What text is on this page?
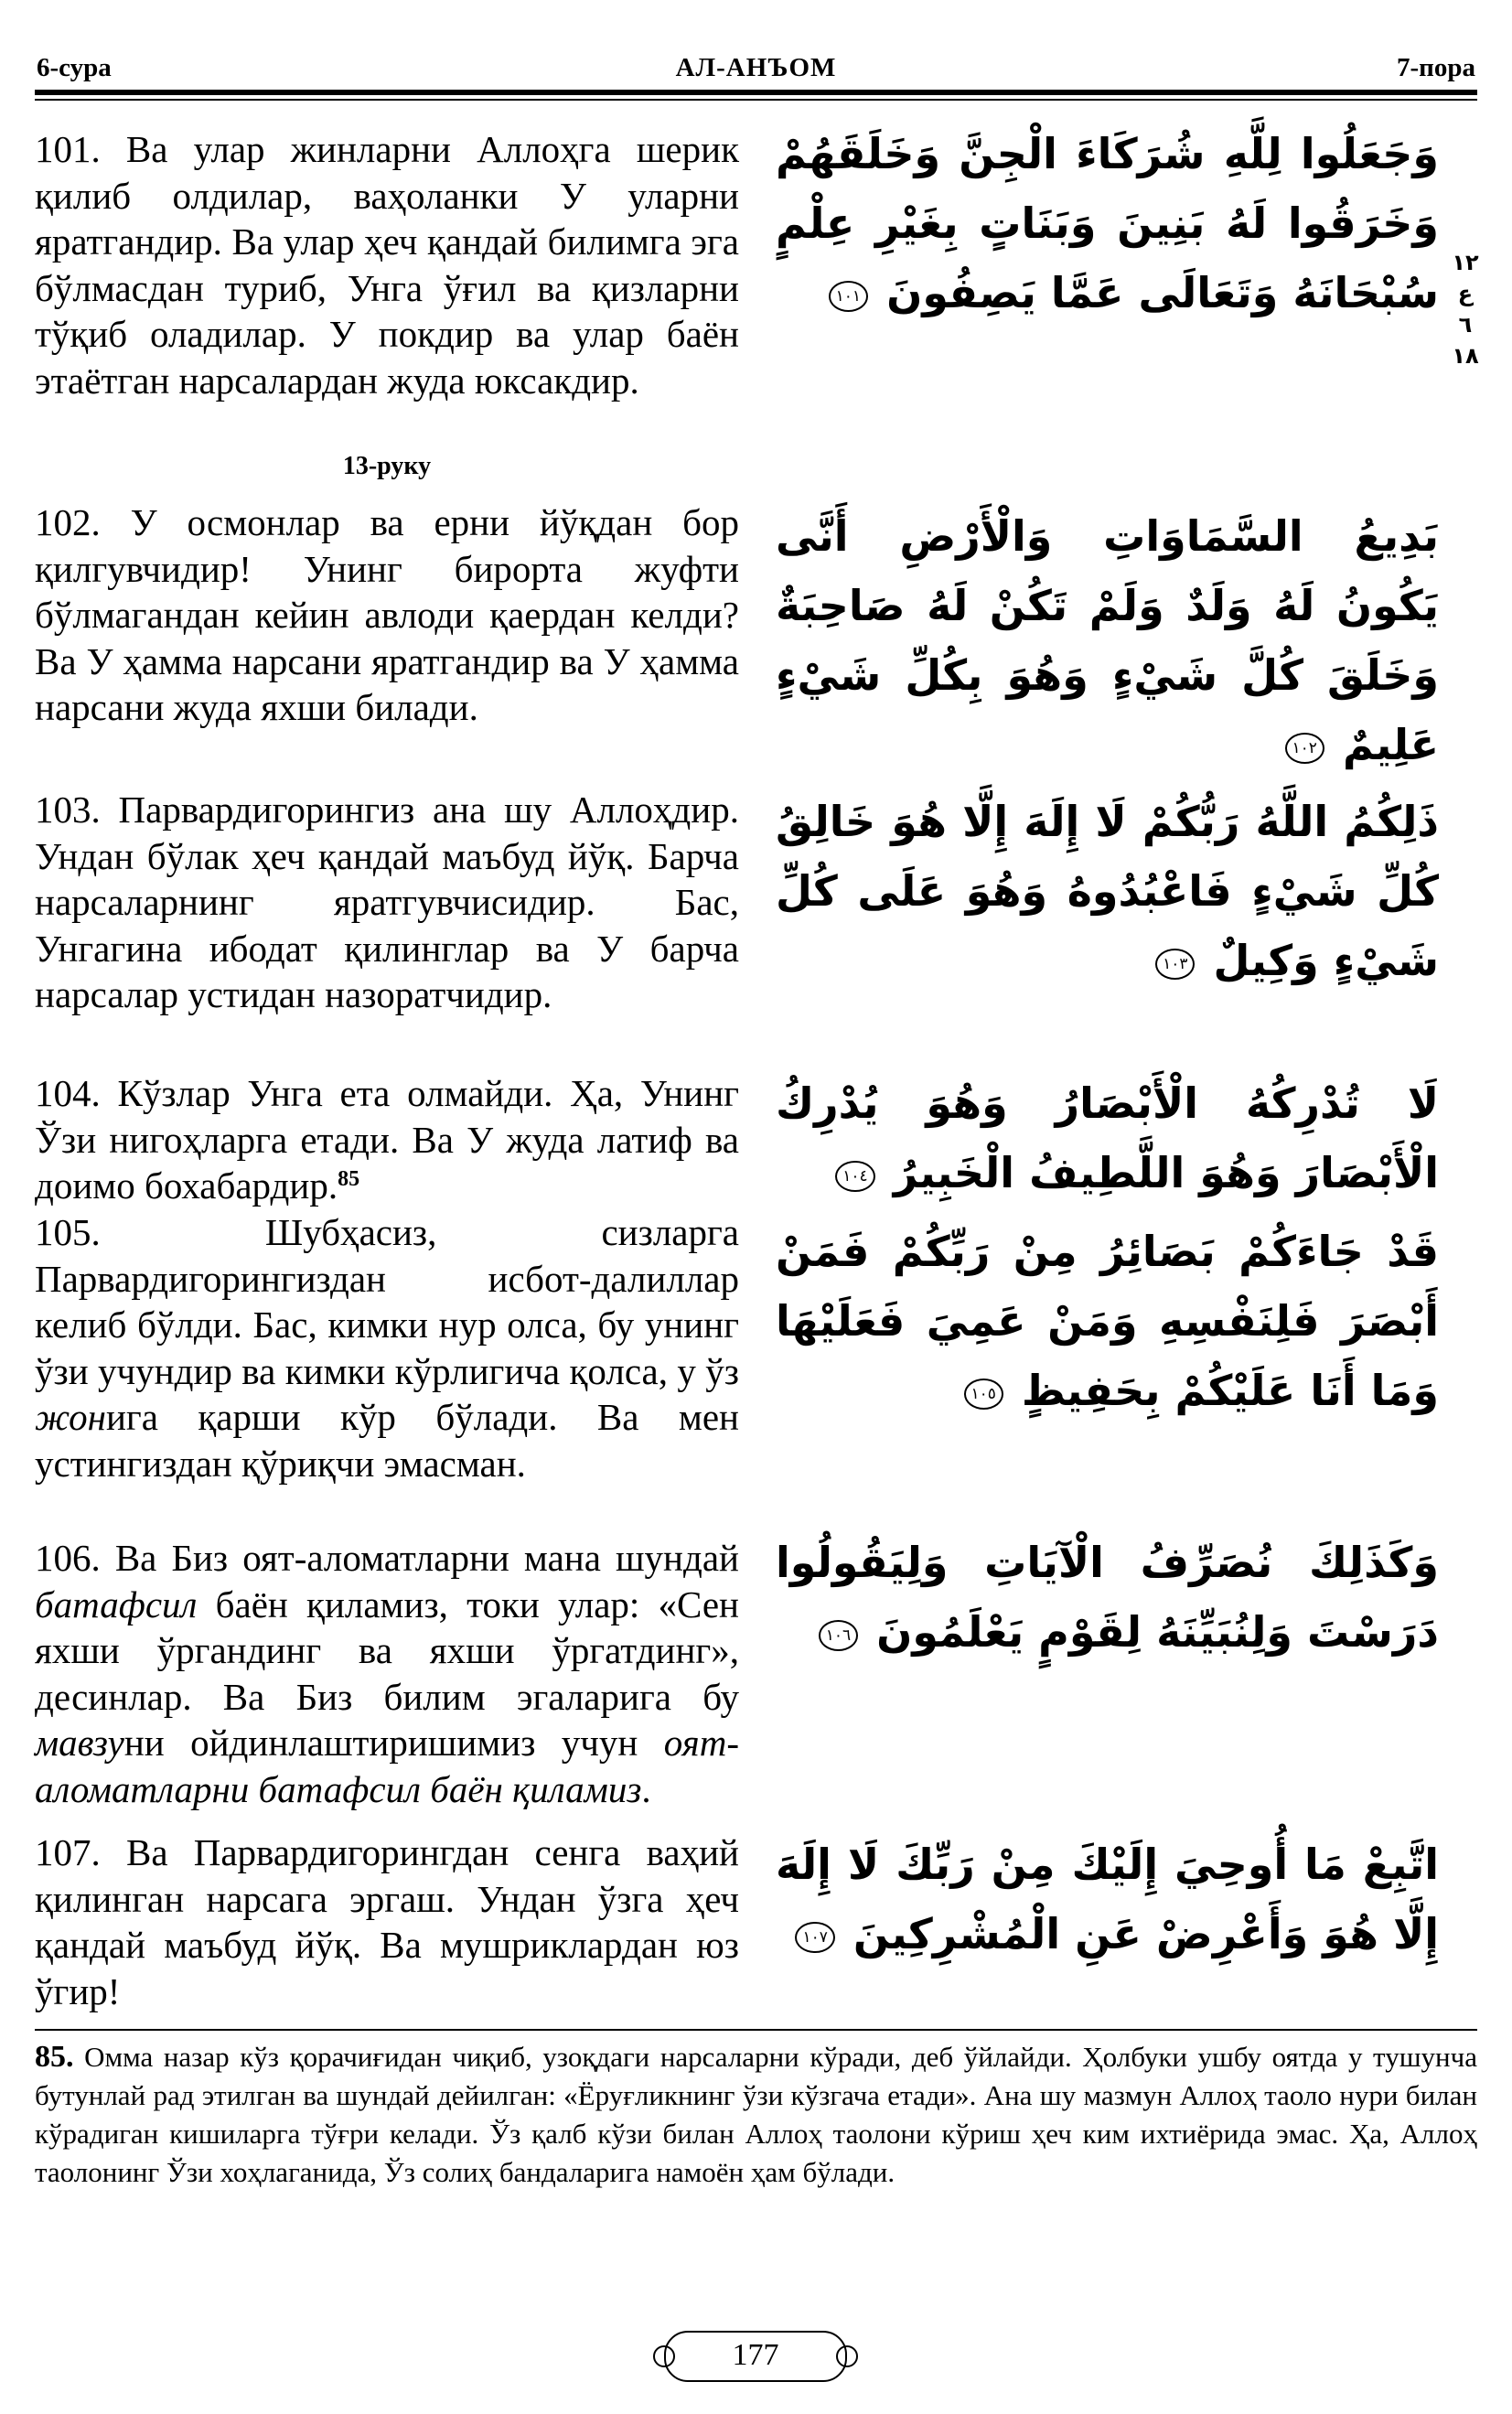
6-сура	АЛ-АНЪОМ	7-пора
101. Ва улар жинларни Аллоҳга шерик қилиб олдилар, ваҳоланки У уларни яратгандир. Ва улар ҳеч қандай билимга эга бўлмасдан туриб, Унга ўғил ва қизларни тўқиб оладилар. У покдир ва улар баён этаётган нарсалардан жуда юксакдир.
وَجَعَلُوا لِلَّهِ شُرَكَاءَ الْجِنَّ وَخَلَقَهُمْ وَخَرَقُوا لَهُ بَنِينَ وَبَنَاتٍ بِغَيْرِ عِلْمٍ سُبْحَانَهُ وَتَعَالَى عَمَّا يَصِفُونَ ١٠١
١٢
ع
٦
١٨
13-руку
102. У осмонлар ва ерни йўқдан бор қилгувчидир! Унинг бирорта жуфти бўлмагандан кейин авлоди қаердан келди? Ва У ҳамма нарсани яратгандир ва У ҳамма нарсани жуда яхши билади.
بَدِيعُ السَّمَاوَاتِ وَالْأَرْضِ أَنَّى يَكُونُ لَهُ وَلَدٌ وَلَمْ تَكُنْ لَهُ صَاحِبَةٌ وَخَلَقَ كُلَّ شَيْءٍ وَهُوَ بِكُلِّ شَيْءٍ عَلِيمٌ ١٠٢
103. Парвардигорингиз ана шу Аллоҳдир. Ундан бўлак ҳеч қандай маъбуд йўқ. Барча нарсаларнинг яратгувчисидир. Бас, Унгагина ибодат қилинглар ва У барча нарсалар устидан назоратчидир.
ذَلِكُمُ اللَّهُ رَبُّكُمْ لَا إِلَهَ إِلَّا هُوَ خَالِقُ كُلِّ شَيْءٍ فَاعْبُدُوهُ وَهُوَ عَلَى كُلِّ شَيْءٍ وَكِيلٌ ١٠٣
104. Кўзлар Унга ета олмайди. Ҳа, Унинг Ўзи нигоҳларга етади. Ва У жуда латиф ва доимо бохабардир.$^{85}$
لَا تُدْرِكُهُ الْأَبْصَارُ وَهُوَ يُدْرِكُ الْأَبْصَارَ وَهُوَ اللَّطِيفُ الْخَبِيرُ ١٠٤
105. Шубҳасиз, сизларга Парвардигорингиздан исбот-далиллар келиб бўлди. Бас, кимки нур олса, бу унинг ўзи учундир ва кимки кўрлигича қолса, у ўз жонига қарши кўр бўлади. Ва мен устингиздан қўриқчи эмасман.
قَدْ جَاءَكُمْ بَصَائِرُ مِنْ رَبِّكُمْ فَمَنْ أَبْصَرَ فَلِنَفْسِهِ وَمَنْ عَمِيَ فَعَلَيْهَا وَمَا أَنَا عَلَيْكُمْ بِحَفِيظٍ ١٠٥
106. Ва Биз оят-аломатларни мана шундай батафсил баён қиламиз, токи улар: «Сен яхши ўргандинг ва яхши ўргатдинг», десинлар. Ва Биз билим эгаларига бу мавзуни ойдинлаштиришимиз учун оят-аломатларни батафсил баён қиламиз.
وَكَذَلِكَ نُصَرِّفُ الْآيَاتِ وَلِيَقُولُوا دَرَسْتَ وَلِنُبَيِّنَهُ لِقَوْمٍ يَعْلَمُونَ ١٠٦
107. Ва Парвардигорингдан сенга ваҳий қилинган нарсага эргаш. Ундан ўзга ҳеч қандай маъбуд йўқ. Ва мушриклардан юз ўгир!
اتَّبِعْ مَا أُوحِيَ إِلَيْكَ مِنْ رَبِّكَ لَا إِلَهَ إِلَّا هُوَ وَأَعْرِضْ عَنِ الْمُشْرِكِينَ ١٠٧
85. Омма назар кўз қорачиғидан чиқиб, узоқдаги нарсаларни кўради, деб ўйлайди. Ҳолбуки ушбу оятда у тушунча бутунлай рад этилган ва шундай дейилган: «Ёруғликнинг ўзи кўзгача етади». Ана шу мазмун Аллоҳ таоло нури билан кўрадиган кишиларга тўғри келади. Ўз қалб кўзи билан Аллоҳ таолони кўриш ҳеч ким ихтиёрида эмас. Ҳа, Аллоҳ таолонинг Ўзи хоҳлаганида, Ўз солиҳ бандаларига намоён ҳам бўлади.
177
